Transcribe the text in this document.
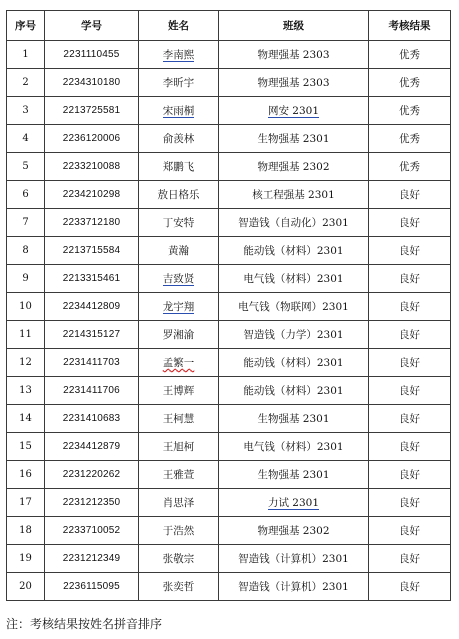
序号	学号	姓名	班级	考核结果
1	2231110455	李南熙	物理强基 2303	优秀
2	2234310180	李昕宇	物理强基 2303	优秀
3	2213725581	宋雨桐	网安 2301	优秀
4	2236120006	俞羡林	生物强基 2301	优秀
5	2233210088	郑鹏飞	物理强基 2302	优秀
6	2234210298	敖日格乐	核工程强基 2301	良好
7	2233712180	丁安特	智造钱（自动化）2301	良好
8	2213715584	黄瀚	能动钱（材料）2301	良好
9	2213315461	吉致贤	电气钱（材料）2301	良好
10	2234412809	龙宇翔	电气钱（物联网）2301	良好
11	2214315127	罗湘渝	智造钱（力学）2301	良好
12	2231411703	孟繁一	能动钱（材料）2301	良好
13	2231411706	王博辉	能动钱（材料）2301	良好
14	2231410683	王柯慧	生物强基 2301	良好
15	2234412879	王旭柯	电气钱（材料）2301	良好
16	2231220262	王雅萱	生物强基 2301	良好
17	2231212350	肖思泽	力试 2301	良好
18	2233710052	于浩然	物理强基 2302	良好
19	2231212349	张敬宗	智造钱（计算机）2301	良好
20	2236115095	张奕哲	智造钱（计算机）2301	良好
注：考核结果按姓名拼音排序
